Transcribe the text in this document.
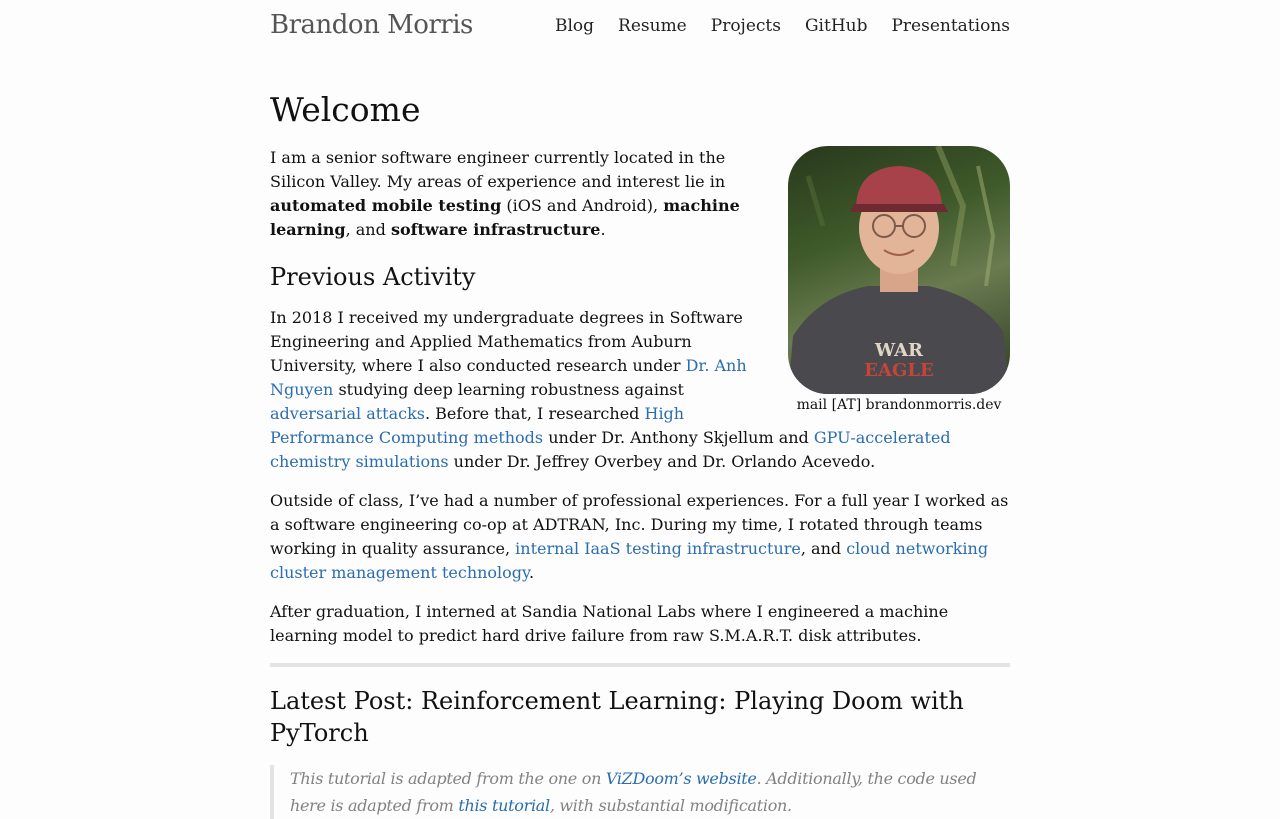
Brandon Morris	Blog Resume Projects GitHub Presentations
Welcome
WAR
EAGLE
mail [AT] brandonmorris.dev

I am a senior software engineer currently located in the Silicon Valley. My areas of experience and interest lie in automated mobile testing (iOS and Android), machine learning, and software infrastructure.

Previous Activity

In 2018 I received my undergraduate degrees in Software Engineering and Applied Mathematics from Auburn University, where I also conducted research under Dr. Anh Nguyen studying deep learning robustness against adversarial attacks. Before that, I researched High Performance Computing methods under Dr. Anthony Skjellum and GPU-accelerated chemistry simulations under Dr. Jeffrey Overbey and Dr. Orlando Acevedo.

Outside of class, I’ve had a number of professional experiences. For a full year I worked as a software engineering co-op at ADTRAN, Inc. During my time, I rotated through teams working in quality assurance, internal IaaS testing infrastructure, and cloud networking cluster management technology.

After graduation, I interned at Sandia National Labs where I engineered a machine learning model to predict hard drive failure from raw S.M.A.R.T. disk attributes.

Latest Post: Reinforcement Learning: Playing Doom with PyTorch
This tutorial is adapted from the one on ViZDoom’s website. Additionally, the code used here is adapted from this tutorial, with substantial modification.
